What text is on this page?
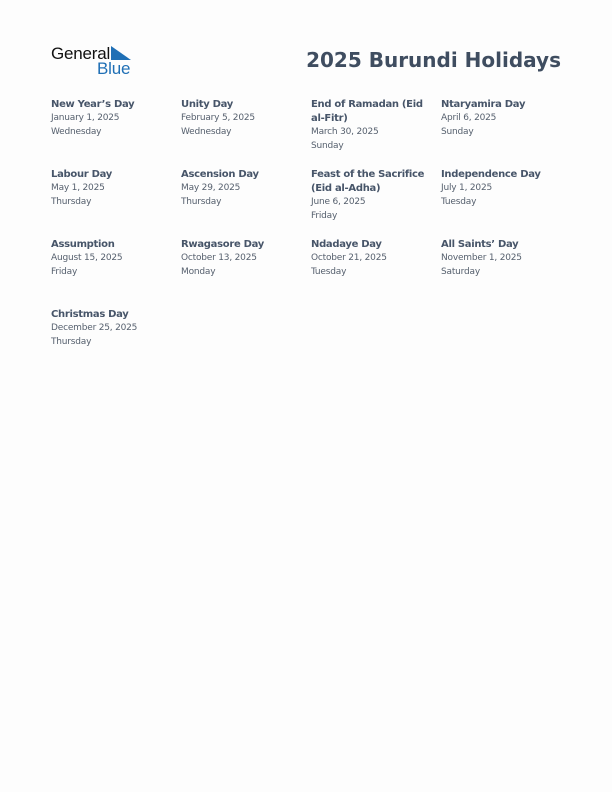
General
Blue	2025 Burundi Holidays
New Year’s Day
January 1, 2025
Wednesday
Unity Day
February 5, 2025
Wednesday
End of Ramadan (Eid al-Fitr)
March 30, 2025
Sunday
Ntaryamira Day
April 6, 2025
Sunday
Labour Day
May 1, 2025
Thursday
Ascension Day
May 29, 2025
Thursday
Feast of the Sacrifice (Eid al-Adha)
June 6, 2025
Friday
Independence Day
July 1, 2025
Tuesday
Assumption
August 15, 2025
Friday
Rwagasore Day
October 13, 2025
Monday
Ndadaye Day
October 21, 2025
Tuesday
All Saints’ Day
November 1, 2025
Saturday
Christmas Day
December 25, 2025
Thursday
